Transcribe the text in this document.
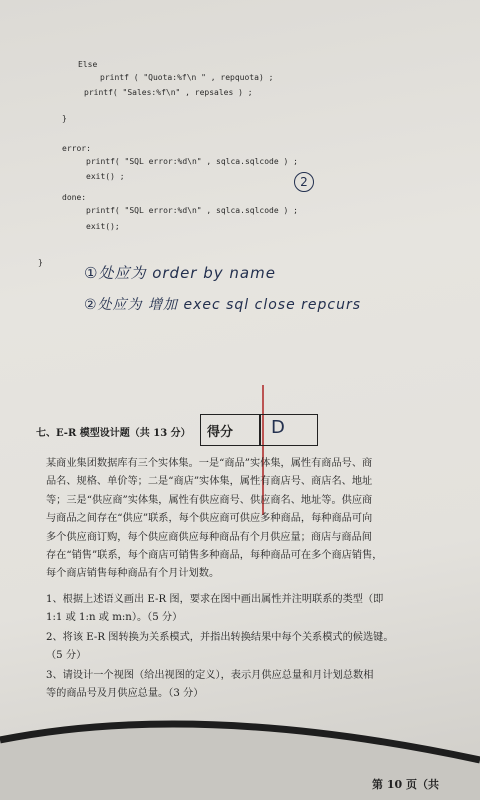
Else
printf ( "Quota:%f\n " , repquota) ;
printf( "Sales:%f\n" , repsales ) ;
}
error:
printf( "SQL error:%d\n" , sqlca.sqlcode ) ;
exit() ;
done:
printf( "SQL error:%d\n" , sqlca.sqlcode ) ;
exit();
}
2
①处应为 order by name
②处应为 增加 exec sql close repcurs
七、E-R 模型设计题（共 13 分） 得分 D

某商业集团数据库有三个实体集。一是“商品”实体集，属性有商品号、商

品名、规格、单价等；二是“商店”实体集，属性有商店号、商店名、地址

等；三是“供应商”实体集，属性有供应商号、供应商名、地址等。供应商

与商品之间存在“供应”联系，每个供应商可供应多种商品，每种商品可向

多个供应商订购，每个供应商供应每种商品有个月供应量；商店与商品间

存在“销售”联系，每个商店可销售多种商品，每种商品可在多个商店销售，

每个商店销售每种商品有个月计划数。

1、根据上述语义画出 E-R 图，要求在图中画出属性并注明联系的类型（即
1:1 或 1:n 或 m:n）。（5 分）
2、将该 E-R 图转换为关系模式，并指出转换结果中每个关系模式的候选键。
（5 分）
3、请设计一个视图（给出视图的定义），表示月供应总量和月计划总数相
等的商品号及月供应总量。（3 分）
第 10 页（共
